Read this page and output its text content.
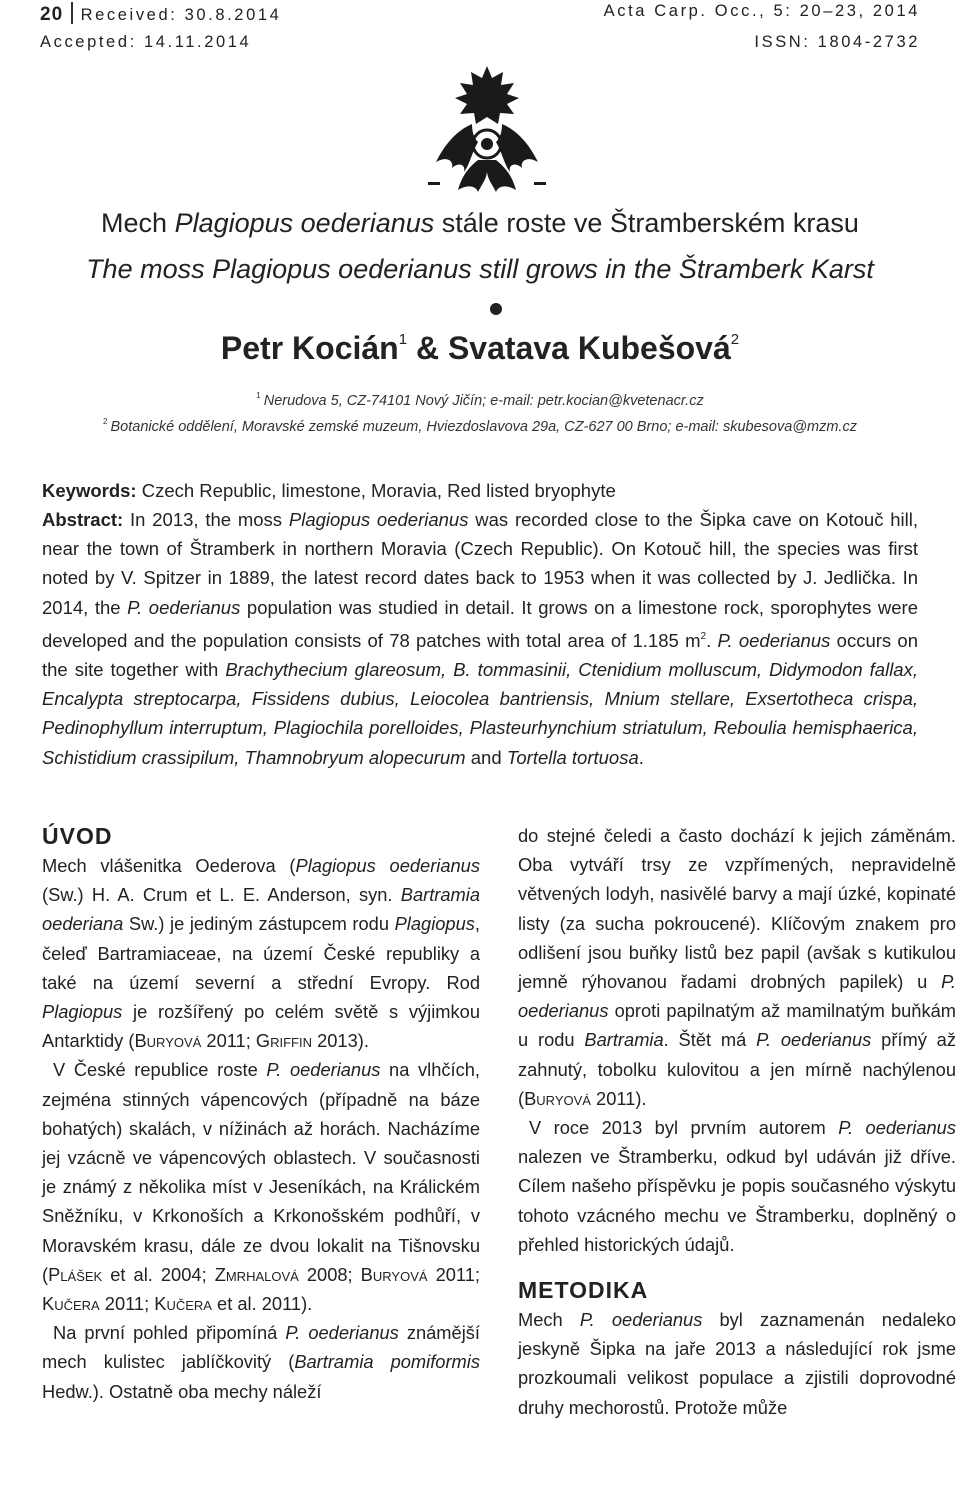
20 Received: 30.8.2014	Acta Carp. Occ., 5: 20–23, 2014
Accepted: 14.11.2014	ISSN: 1804-2732
Mech Plagiopus oederianus stále roste ve Štramberském krasu
The moss Plagiopus oederianus still grows in the Štramberk Karst
Petr Kocián$^1$ & Svatava Kubešová$^2$
$^1$ Nerudova 5, CZ-74101 Nový Jičín; e-mail: petr.kocian@kvetenacr.cz
$^2$ Botanické oddělení, Moravské zemské muzeum, Hviezdoslavova 29a, CZ-627 00 Brno; e-mail: skubesova@mzm.cz
Keywords: Czech Republic, limestone, Moravia, Red listed bryophyte
Abstract: In 2013, the moss Plagiopus oederianus was recorded close to the Šipka cave on Kotouč hill, near the town of Štramberk in northern Moravia (Czech Republic). On Kotouč hill, the species was first noted by V. Spitzer in 1889, the latest record dates back to 1953 when it was collected by J. Jedlička. In 2014, the P. oederianus population was studied in detail. It grows on a limestone rock, sporophytes were developed and the population consists of 78 patches with total area of 1.185 $m^2$. P. oederianus occurs on the site together with Brachythecium glareosum, B. tommasinii, Ctenidium molluscum, Didymodon fallax, Encalypta streptocarpa, Fissidens dubius, Leiocolea bantriensis, Mnium stellare, Exsertotheca crispa, Pedinophyllum interruptum, Plagiochila porelloides, Plasteurhynchium striatulum, Reboulia hemisphaerica, Schistidium crassipilum, Thamnobryum alopecurum and Tortella tortuosa.
ÚVOD

Mech vlášenitka Oederova (Plagiopus oederianus (Sw.) H. A. Crum et L. E. Anderson, syn. Bartramia oederiana Sw.) je jediným zástupcem rodu Plagiopus, čeleď Bartramiaceae, na území České republiky a také na území severní a střední Evropy. Rod Plagiopus je rozšířený po celém světě s výjimkou Antarktidy (Buryová 2011; Griffin 2013).

V České republice roste P. oederianus na vlhčích, zejména stinných vápencových (případně na báze bohatých) skalách, v nížinách až horách. Nacházíme jej vzácně ve vápencových oblastech. V současnosti je známý z několika míst v Jeseníkách, na Králickém Sněžníku, v Krkonoších a Krkonošském podhůří, v Moravském krasu, dále ze dvou lokalit na Tišnovsku (Plášek et al. 2004; Zmrhalová 2008; Buryová 2011; Kučera 2011; Kučera et al. 2011).

Na první pohled připomíná P. oederianus známější mech kulistec jablíčkovitý (Bartramia pomiformis Hedw.). Ostatně oba mechy náleží

do stejné čeledi a často dochází k jejich záměnám. Oba vytváří trsy ze vzpřímených, nepravidelně větvených lodyh, nasivělé barvy a mají úzké, kopinaté listy (za sucha pokroucené). Klíčovým znakem pro odlišení jsou buňky listů bez papil (avšak s kutikulou jemně rýhovanou řadami drobných papilek) u P. oederianus oproti papilnatým až mamilnatým buňkám u rodu Bartramia. Štět má P. oederianus přímý až zahnutý, tobolku kulovitou a jen mírně nachýlenou (Buryová 2011).

V roce 2013 byl prvním autorem P. oederianus nalezen ve Štramberku, odkud byl udáván již dříve. Cílem našeho příspěvku je popis současného výskytu tohoto vzácného mechu ve Štramberku, doplněný o přehled historických údajů.

METODIKA

Mech P. oederianus byl zaznamenán nedaleko jeskyně Šipka na jaře 2013 a následující rok jsme prozkoumali velikost populace a zjistili doprovodné druhy mechorostů. Protože může
